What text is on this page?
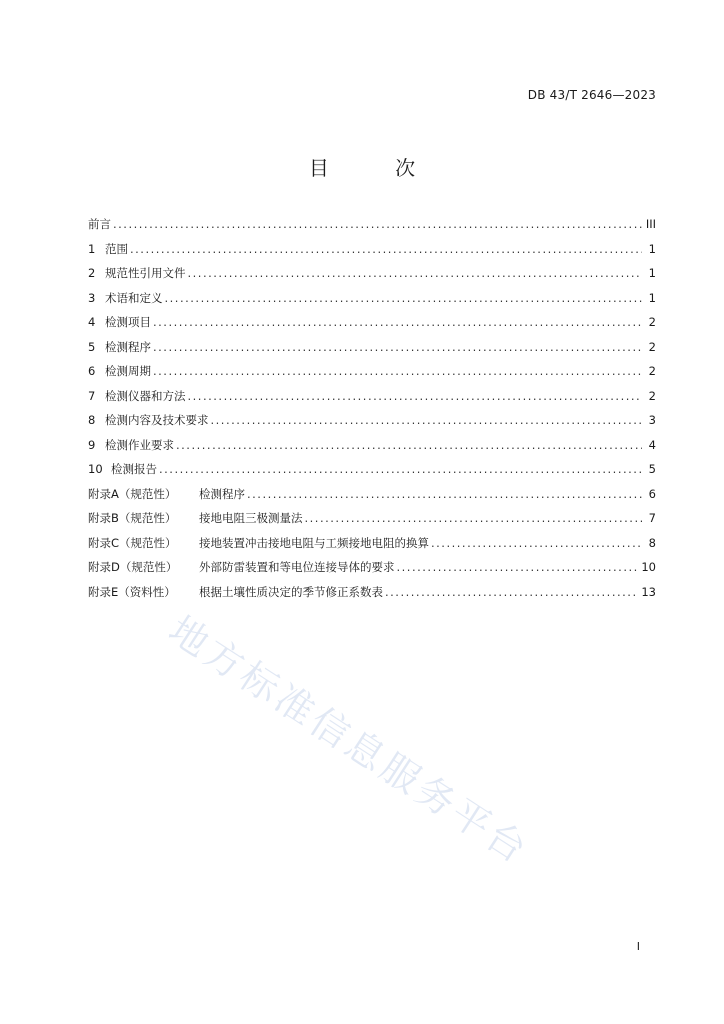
DB 43/T 2646—2023
目 次
前言 .....	III
1 范围 .....	1
2 规范性引用文件 .....	1
3 术语和定义 .....	1
4 检测项目 .....	2
5 检测程序 .....	2
6 检测周期 .....	2
7 检测仪器和方法 .....	2
8 检测内容及技术要求 .....	3
9 检测作业要求 .....	4
10 检测报告 .....	5
附录A（规范性）	检测程序 .....	6
附录B（规范性）	接地电阻三极测量法 .....	7
附录C（规范性）	接地装置冲击接地电阻与工频接地电阻的换算 .....	8
附录D（规范性）	外部防雷装置和等电位连接导体的要求 .....	10
附录E（资料性）	根据土壤性质决定的季节修正系数表 .....	13
地方标准信息服务平台
I
